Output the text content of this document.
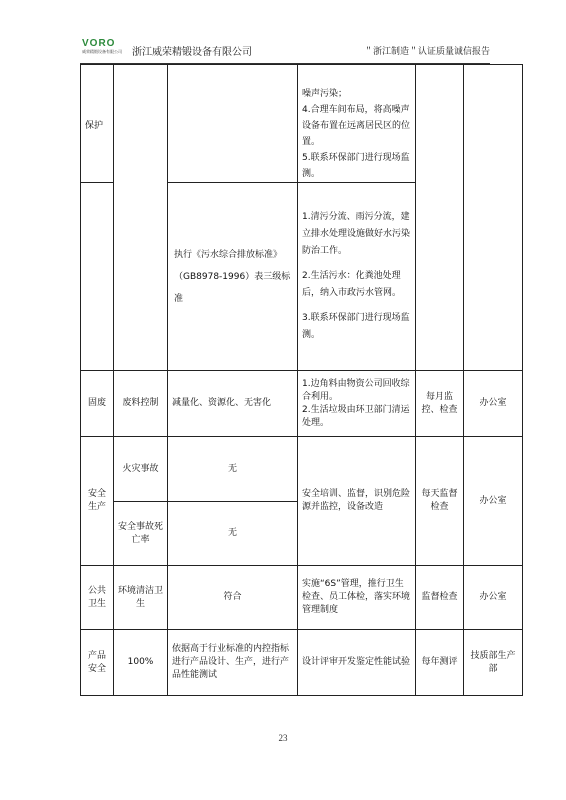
VORO
威荣精锻设备有限公司	浙江威荣精锻设备有限公司	＂浙江制造＂认证质量诚信报告
保护			噪声污染；
4.合理车间布局，将高噪声设备布置在远离居民区的位置。
5.联系环保部门进行现场监测。

		执行《污水综合排放标准》
（GB8978-1996）表三级标准	1.清污分流、雨污分流，建立排水处理设施做好水污染防治工作。
2.生活污水：化粪池处理后，纳入市政污水管网。
3.联系环保部门进行现场监测。		

固废	废料控制	减量化、资源化、无害化	1.边角料由物资公司回收综合利用。
2.生活垃圾由环卫部门清运处理。	每月监控、检查	办公室
安全生产	火灾事故	无	安全培训、监督，识别危险源并监控，设备改造	每天监督检查	办公室
	安全事故死亡率	无			
公共卫生	环境清洁卫生	符合	实施“6S”管理，推行卫生检查、员工体检，落实环境管理制度	监督检查	办公室
产品安全	100%	依据高于行业标准的内控指标进行产品设计、生产，进行产品性能测试	设计评审开发鉴定性能试验	每年测评	技质部生产部
23
